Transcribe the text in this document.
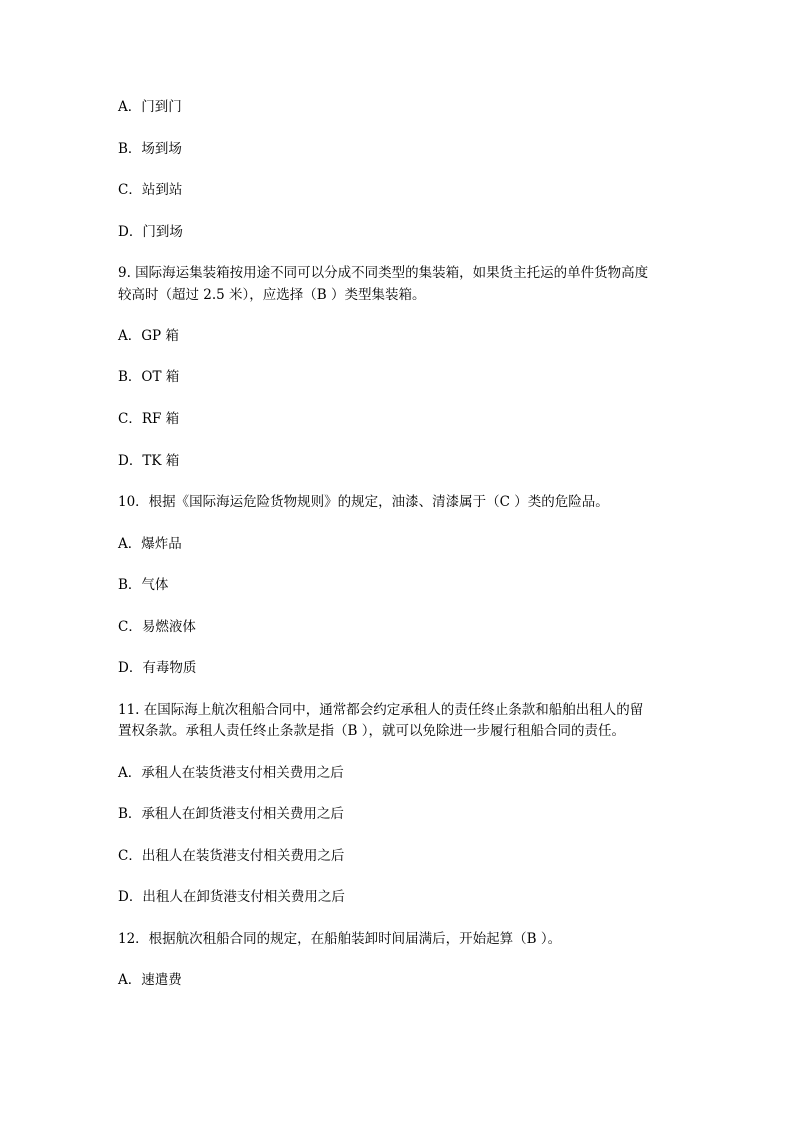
A．门到门
B．场到场
C．站到站
D．门到场
9. 国际海运集装箱按用途不同可以分成不同类型的集装箱，如果货主托运的单件货物高度
较高时（超过 2.5 米），应选择（B ）类型集装箱。
A．GP 箱
B．OT 箱
C．RF 箱
D．TK 箱
10．根据《国际海运危险货物规则》的规定，油漆、清漆属于（C ）类的危险品。
A．爆炸品
B．气体
C．易燃液体
D．有毒物质
11. 在国际海上航次租船合同中，通常都会约定承租人的责任终止条款和船舶出租人的留
置权条款。承租人责任终止条款是指（B ），就可以免除进一步履行租船合同的责任。
A．承租人在装货港支付相关费用之后
B．承租人在卸货港支付相关费用之后
C．出租人在装货港支付相关费用之后
D．出租人在卸货港支付相关费用之后
12．根据航次租船合同的规定，在船舶装卸时间届满后，开始起算（B ）。
A．速遣费
